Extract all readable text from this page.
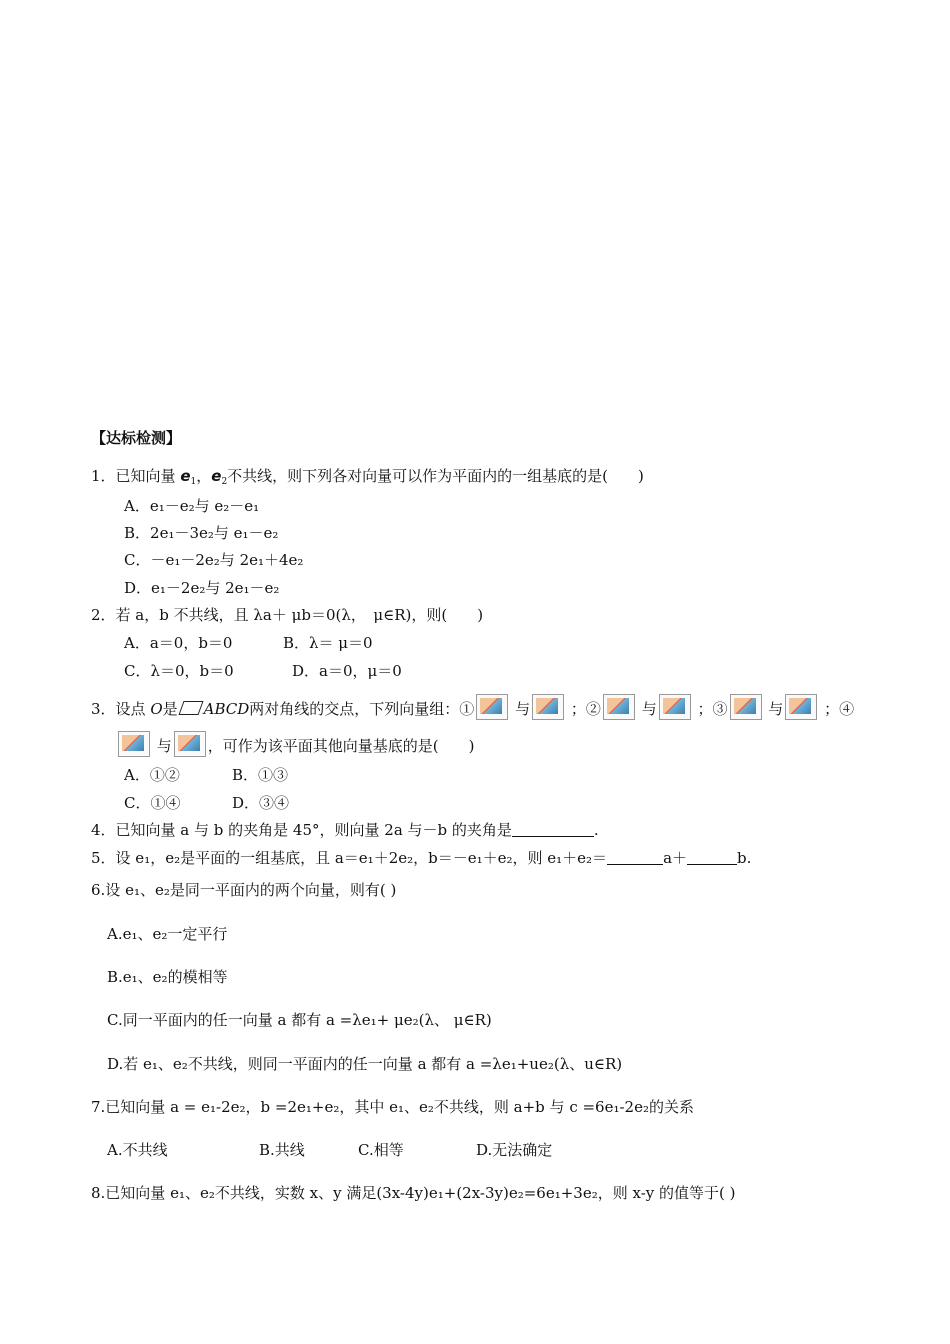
【达标检测】
1．已知向量 $e_1$，$e_2$不共线，则下列各对向量可以作为平面内的一组基底的是(　　)
A．e₁－e₂与 e₂－e₁
B．2e₁－3e₂与 e₁－e₂
C．－e₁－2e₂与 2e₁＋4e₂
D．e₁－2e₂与 2e₁－e₂
2．若 a，b 不共线，且 λa＋ μb＝0(λ，　μ∈R)，则(　　)
A．a＝0，b＝0	B．λ＝ μ＝0
C．λ＝0，b＝0	D．a＝0，μ＝0
3．设点 O是 ABCD两对角线的交点，下列向量组：①	与	；②	与	；③	与	；④
与 ，可作为该平面其他向量基底的是(　　)
A．①②	B．①③
C．①④	D．③④
4．已知向量 a 与 b 的夹角是 45°，则向量 2a 与－b 的夹角是	.
5．设 e₁，e₂是平面的一组基底，且 a＝e₁＋2e₂，b＝－e₁＋e₂，则 e₁＋e₂＝	a＋	b.
6.设 e₁、e₂是同一平面内的两个向量，则有( )
A.e₁、e₂一定平行
B.e₁、e₂的模相等
C.同一平面内的任一向量 a 都有 a =λe₁+ μe₂(λ、 μ∈R)
D.若 e₁、e₂不共线，则同一平面内的任一向量 a 都有 a =λe₁+ue₂(λ、u∈R)
7.已知向量 a = e₁-2e₂，b =2e₁+e₂，其中 e₁、e₂不共线，则 a+b 与 c =6e₁-2e₂的关系
A.不共线	B.共线	C.相等	D.无法确定
8.已知向量 e₁、e₂不共线，实数 x、y 满足(3x-4y)e₁+(2x-3y)e₂=6e₁+3e₂，则 x-y 的值等于( )
